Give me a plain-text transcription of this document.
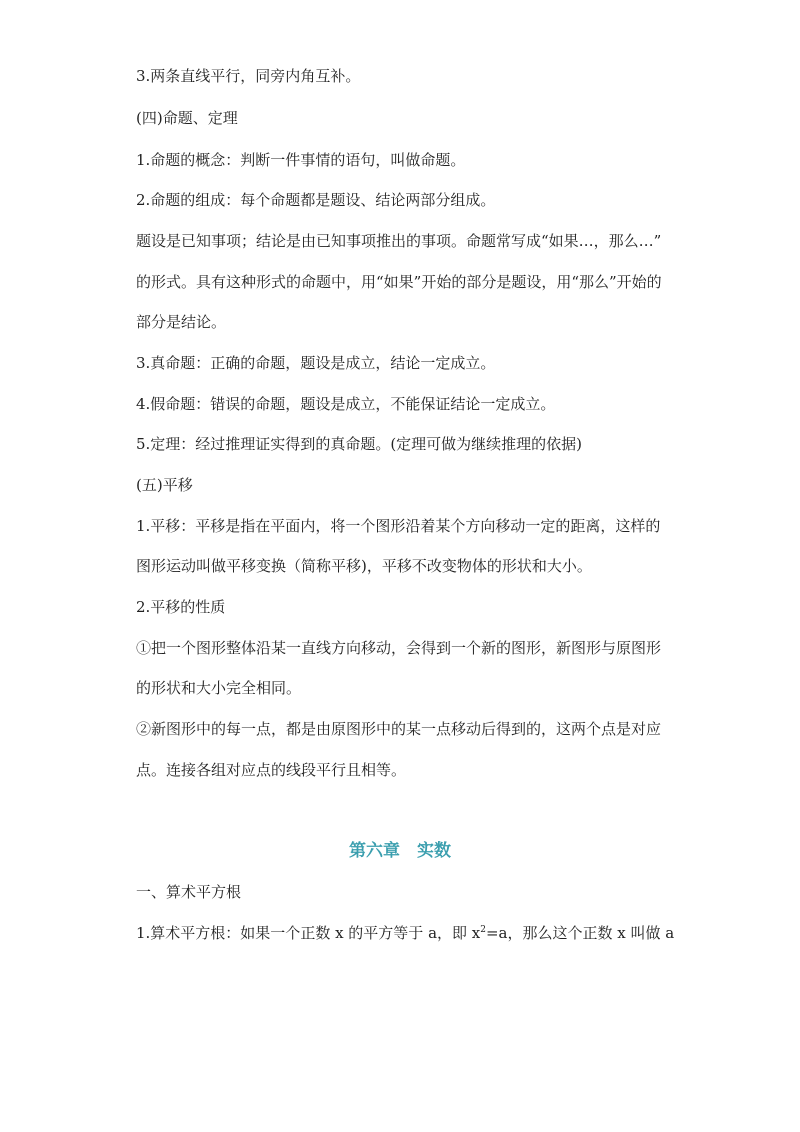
3.两条直线平行，同旁内角互补。
(四)命题、定理
1.命题的概念：判断一件事情的语句，叫做命题。
2.命题的组成：每个命题都是题设、结论两部分组成。
题设是已知事项；结论是由已知事项推出的事项。命题常写成“如果…，那么…”
的形式。具有这种形式的命题中，用“如果”开始的部分是题设，用“那么”开始的
部分是结论。
3.真命题：正确的命题，题设是成立，结论一定成立。
4.假命题：错误的命题，题设是成立，不能保证结论一定成立。
5.定理：经过推理证实得到的真命题。(定理可做为继续推理的依据)
(五)平移
1.平移：平移是指在平面内，将一个图形沿着某个方向移动一定的距离，这样的
图形运动叫做平移变换（简称平移)，平移不改变物体的形状和大小。
2.平移的性质
①把一个图形整体沿某一直线方向移动，会得到一个新的图形，新图形与原图形
的形状和大小完全相同。
②新图形中的每一点，都是由原图形中的某一点移动后得到的，这两个点是对应
点。连接各组对应点的线段平行且相等。
第六章　实数
一、算术平方根
1.算术平方根：如果一个正数 x 的平方等于 a，即 $x^2=a$，那么这个正数 x 叫做 a
